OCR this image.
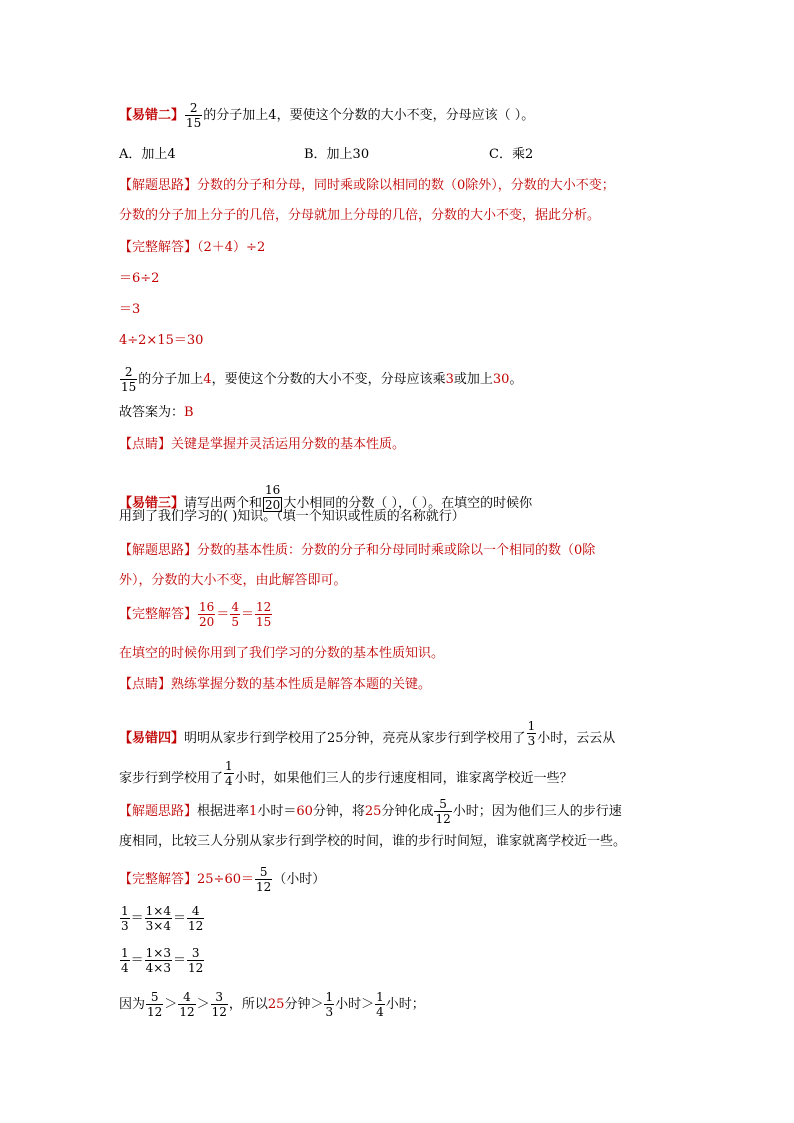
【易错二】 $\frac{2}{15}$ 的分子加上4，要使这个分数的大小不变，分母应该（ ）。
A．加上4	B．加上30	C．乘2
【解题思路】分数的分子和分母，同时乘或除以相同的数（0除外），分数的大小不变；
分数的分子加上分子的几倍，分母就加上分母的几倍，分数的大小不变，据此分析。
【完整解答】（2＋4）÷2
＝6÷2
＝3
4÷2×15＝30
$\frac{2}{15}$ 的分子加上4，要使这个分数的大小不变，分母应该乘3或加上30。
故答案为：B
【点睛】关键是掌握并灵活运用分数的基本性质。
【易错三】请写出两个和 $\frac{16}{20}$ 大小相同的分数（ ），（ ）。在填空的时候你
用到了我们学习的( )知识。（填一个知识或性质的名称就行）
【解题思路】分数的基本性质：分数的分子和分母同时乘或除以一个相同的数（0除
外），分数的大小不变，由此解答即可。
【完整解答】 $\frac{16}{20} = \frac{4}{5} = \frac{12}{15}$
在填空的时候你用到了我们学习的分数的基本性质知识。
【点睛】熟练掌握分数的基本性质是解答本题的关键。
【易错四】明明从家步行到学校用了25分钟，亮亮从家步行到学校用了 $\frac{1}{3}$ 小时，云云从
家步行到学校用了 $\frac{1}{4}$ 小时，如果他们三人的步行速度相同，谁家离学校近一些？
【解题思路】根据进率1小时＝60分钟，将25分钟化成 $\frac{5}{12}$ 小时；因为他们三人的步行速
度相同，比较三人分别从家步行到学校的时间，谁的步行时间短，谁家就离学校近一些。
【完整解答】$25\div 60= \frac{5}{12}$ （小时）
$\frac{1}{3} = \frac{1\times 4}{3\times 4} = \frac{4}{12}$
$\frac{1}{4} = \frac{1\times 3}{4\times 3} = \frac{3}{12}$
因为 $\frac{5}{12} > \frac{4}{12} > \frac{3}{12}$ ，所以25分钟＞ $\frac{1}{3}$ 小时＞ $\frac{1}{4}$ 小时；
